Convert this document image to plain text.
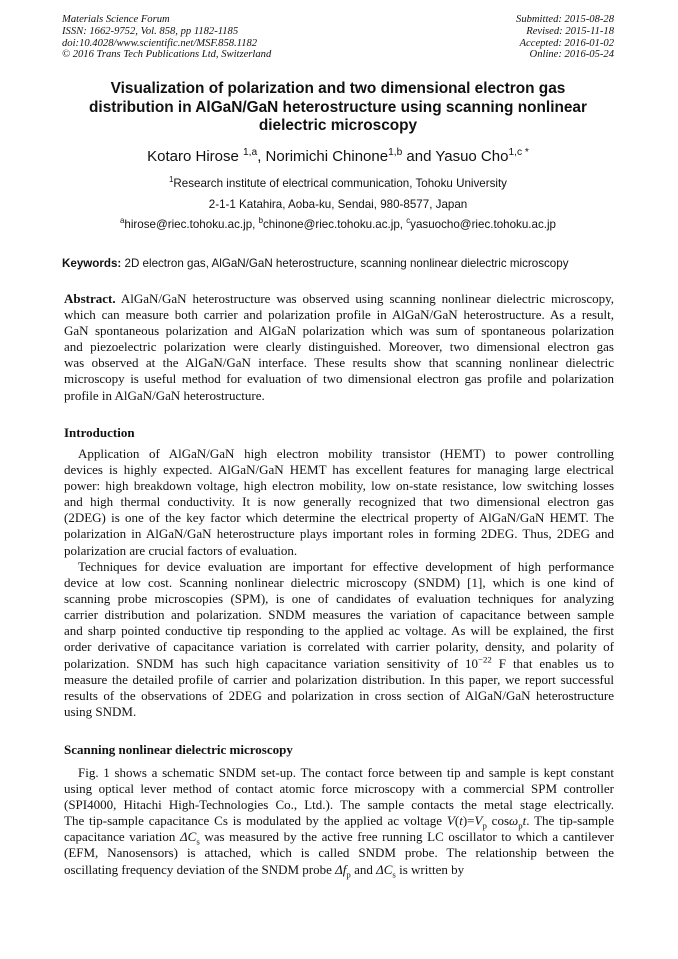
Materials Science Forum
ISSN: 1662-9752, Vol. 858, pp 1182-1185
doi:10.4028/www.scientific.net/MSF.858.1182
© 2016 Trans Tech Publications Ltd, Switzerland
Submitted: 2015-08-28
Revised: 2015-11-18
Accepted: 2016-01-02
Online: 2016-05-24
Visualization of polarization and two dimensional electron gas
distribution in AlGaN/GaN heterostructure using scanning nonlinear
dielectric microscopy
Kotaro Hirose $^{1,a}$, Norimichi Chinone$^{1,b}$ and Yasuo Cho$^{1,c *}$
$^1$Research institute of electrical communication, Tohoku University
2-1-1 Katahira, Aoba-ku, Sendai, 980-8577, Japan
$^a$hirose@riec.tohoku.ac.jp, $^b$chinone@riec.tohoku.ac.jp, $^c$yasuocho@riec.tohoku.ac.jp
Keywords: 2D electron gas, AlGaN/GaN heterostructure, scanning nonlinear dielectric microscopy
Abstract. AlGaN/GaN heterostructure was observed using scanning nonlinear dielectric microscopy,
which can measure both carrier and polarization profile in AlGaN/GaN heterostructure. As a result,
GaN spontaneous polarization and AlGaN polarization which was sum of spontaneous polarization
and piezoelectric polarization were clearly distinguished. Moreover, two dimensional electron gas
was observed at the AlGaN/GaN interface. These results show that scanning nonlinear dielectric
microscopy is useful method for evaluation of two dimensional electron gas profile and polarization
profile in AlGaN/GaN heterostructure.
Introduction
Application of AlGaN/GaN high electron mobility transistor (HEMT) to power controlling
devices is highly expected. AlGaN/GaN HEMT has excellent features for managing large electrical
power: high breakdown voltage, high electron mobility, low on-state resistance, low switching losses
and high thermal conductivity. It is now generally recognized that two dimensional electron gas
(2DEG) is one of the key factor which determine the electrical property of AlGaN/GaN HEMT. The
polarization in AlGaN/GaN heterostructure plays important roles in forming 2DEG. Thus, 2DEG and
polarization are crucial factors of evaluation.
Techniques for device evaluation are important for effective development of high performance
device at low cost. Scanning nonlinear dielectric microscopy (SNDM) [1], which is one kind of
scanning probe microscopies (SPM), is one of candidates of evaluation techniques for analyzing
carrier distribution and polarization. SNDM measures the variation of capacitance between sample
and sharp pointed conductive tip responding to the applied ac voltage. As will be explained, the first
order derivative of capacitance variation is correlated with carrier polarity, density, and polarity of
polarization. SNDM has such high capacitance variation sensitivity of $10^{-22}$ F that enables us to
measure the detailed profile of carrier and polarization distribution. In this paper, we report successful
results of the observations of 2DEG and polarization in cross section of AlGaN/GaN heterostructure
using SNDM.
Scanning nonlinear dielectric microscopy
Fig. 1 shows a schematic SNDM set-up. The contact force between tip and sample is kept constant
using optical lever method of contact atomic force microscopy with a commercial SPM controller
(SPI4000, Hitachi High-Technologies Co., Ltd.). The sample contacts the metal stage electrically.
The tip-sample capacitance Cs is modulated by the applied ac voltage $V(t)=V_p$ cosω$_p$t. The tip-sample
capacitance variation $\Delta C_s$ was measured by the active free running LC oscillator to which a cantilever
(EFM, Nanosensors) is attached, which is called SNDM probe. The relationship between the
oscillating frequency deviation of the SNDM probe $\Delta f_p$ and $\Delta C_s$ is written by
